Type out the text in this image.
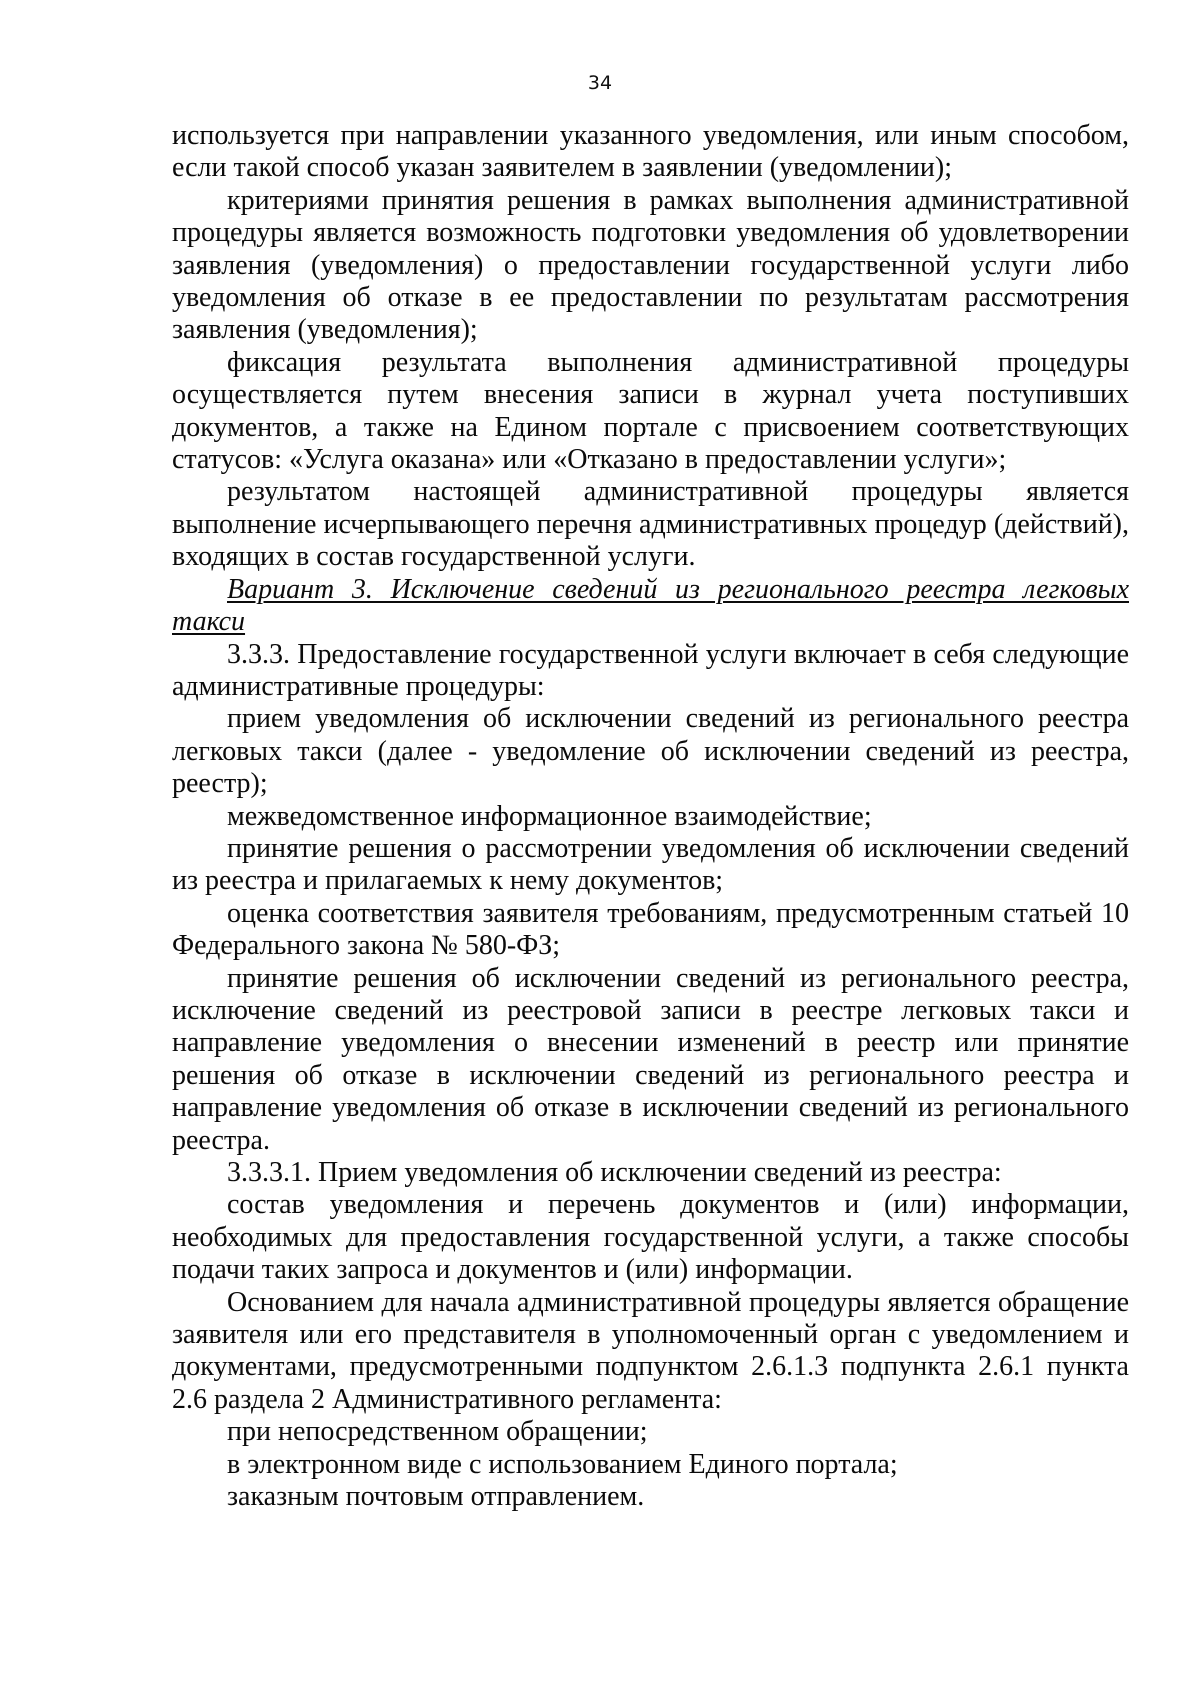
34

используется при направлении указанного уведомления, или иным способом, если такой способ указан заявителем в заявлении (уведомлении);

критериями принятия решения в рамках выполнения административной процедуры является возможность подготовки уведомления об удовлетворении заявления (уведомления) о предоставлении государственной услуги либо уведомления об отказе в ее предоставлении по результатам рассмотрения заявления (уведомления);

фиксация результата выполнения административной процедуры осуществляется путем внесения записи в журнал учета поступивших документов, а также на Едином портале с присвоением соответствующих статусов: «Услуга оказана» или «Отказано в предоставлении услуги»;

результатом настоящей административной процедуры является выполнение исчерпывающего перечня административных процедур (действий), входящих в состав государственной услуги.

Вариант 3. Исключение сведений из регионального реестра легковых такси

3.3.3. Предоставление государственной услуги включает в себя следующие административные процедуры:

прием уведомления об исключении сведений из регионального реестра легковых такси (далее - уведомление об исключении сведений из реестра, реестр);

межведомственное информационное взаимодействие;

принятие решения о рассмотрении уведомления об исключении сведений из реестра и прилагаемых к нему документов;

оценка соответствия заявителя требованиям, предусмотренным статьей 10 Федерального закона № 580-ФЗ;

принятие решения об исключении сведений из регионального реестра, исключение сведений из реестровой записи в реестре легковых такси и направление уведомления о внесении изменений в реестр или принятие решения об отказе в исключении сведений из регионального реестра и направление уведомления об отказе в исключении сведений из регионального реестра.

3.3.3.1. Прием уведомления об исключении сведений из реестра:

состав уведомления и перечень документов и (или) информации, необходимых для предоставления государственной услуги, а также способы подачи таких запроса и документов и (или) информации.

Основанием для начала административной процедуры является обращение заявителя или его представителя в уполномоченный орган с уведомлением и документами, предусмотренными подпунктом 2.6.1.3 подпункта 2.6.1 пункта 2.6 раздела 2 Административного регламента:

при непосредственном обращении;

в электронном виде с использованием Единого портала;

заказным почтовым отправлением.
